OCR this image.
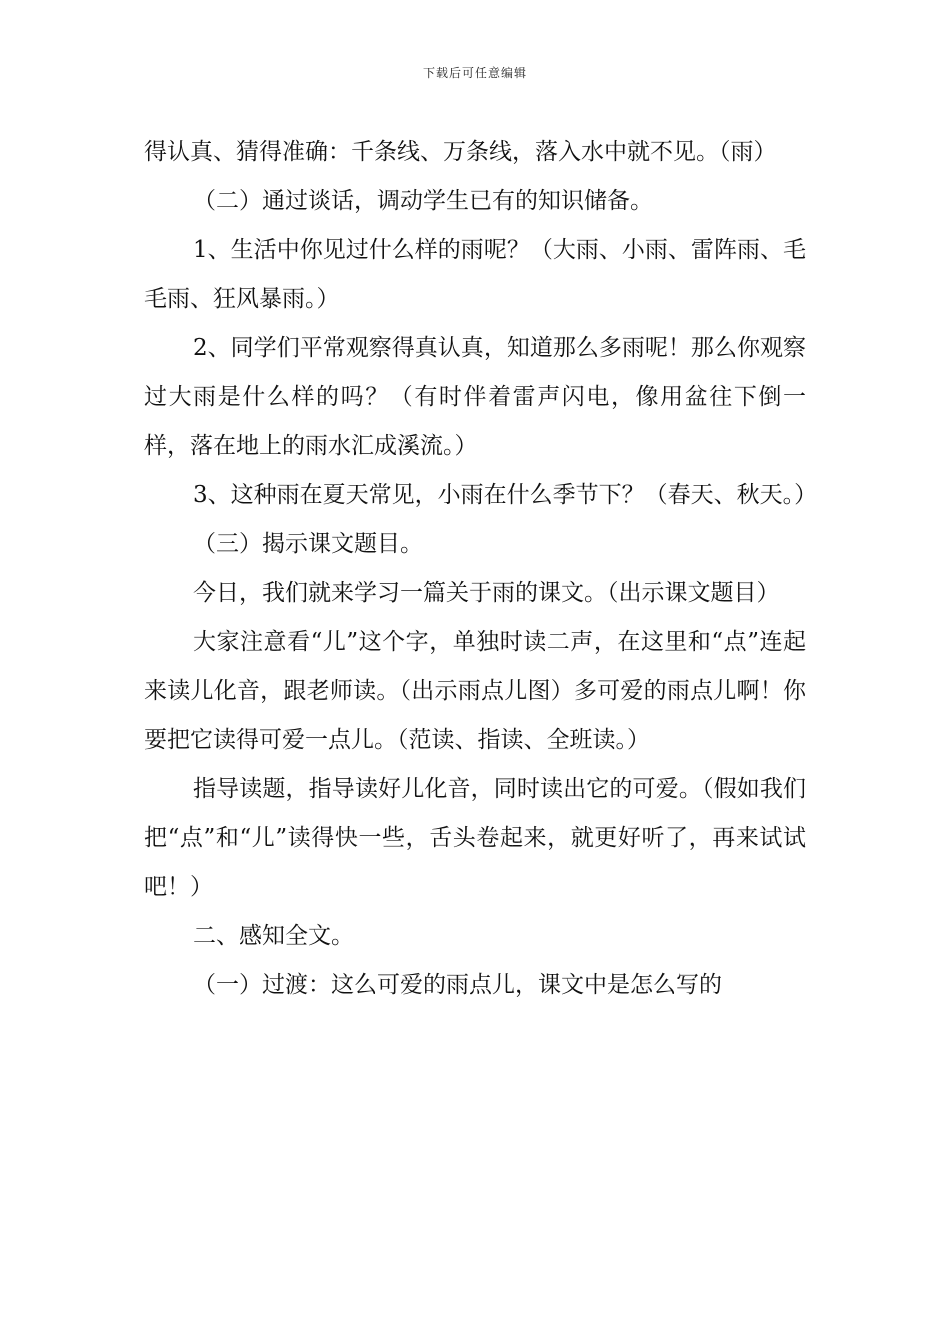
下载后可任意编辑

得认真、猜得准确：千条线、万条线，落入水中就不见。（雨）

（二）通过谈话，调动学生已有的知识储备。

1、生活中你见过什么样的雨呢？（大雨、小雨、雷阵雨、毛毛雨、狂风暴雨。）

2、同学们平常观察得真认真，知道那么多雨呢！那么你观察过大雨是什么样的吗？（有时伴着雷声闪电，像用盆往下倒一样，落在地上的雨水汇成溪流。）

3、这种雨在夏天常见，小雨在什么季节下？（春天、秋天。）

（三）揭示课文题目。

今日，我们就来学习一篇关于雨的课文。（出示课文题目）

大家注意看“儿”这个字，单独时读二声，在这里和“点”连起来读儿化音，跟老师读。（出示雨点儿图）多可爱的雨点儿啊！你要把它读得可爱一点儿。（范读、指读、全班读。）

指导读题，指导读好儿化音，同时读出它的可爱。（假如我们把“点”和“儿”读得快一些，舌头卷起来，就更好听了，再来试试吧！）

二、感知全文。

（一）过渡：这么可爱的雨点儿，课文中是怎么写的
